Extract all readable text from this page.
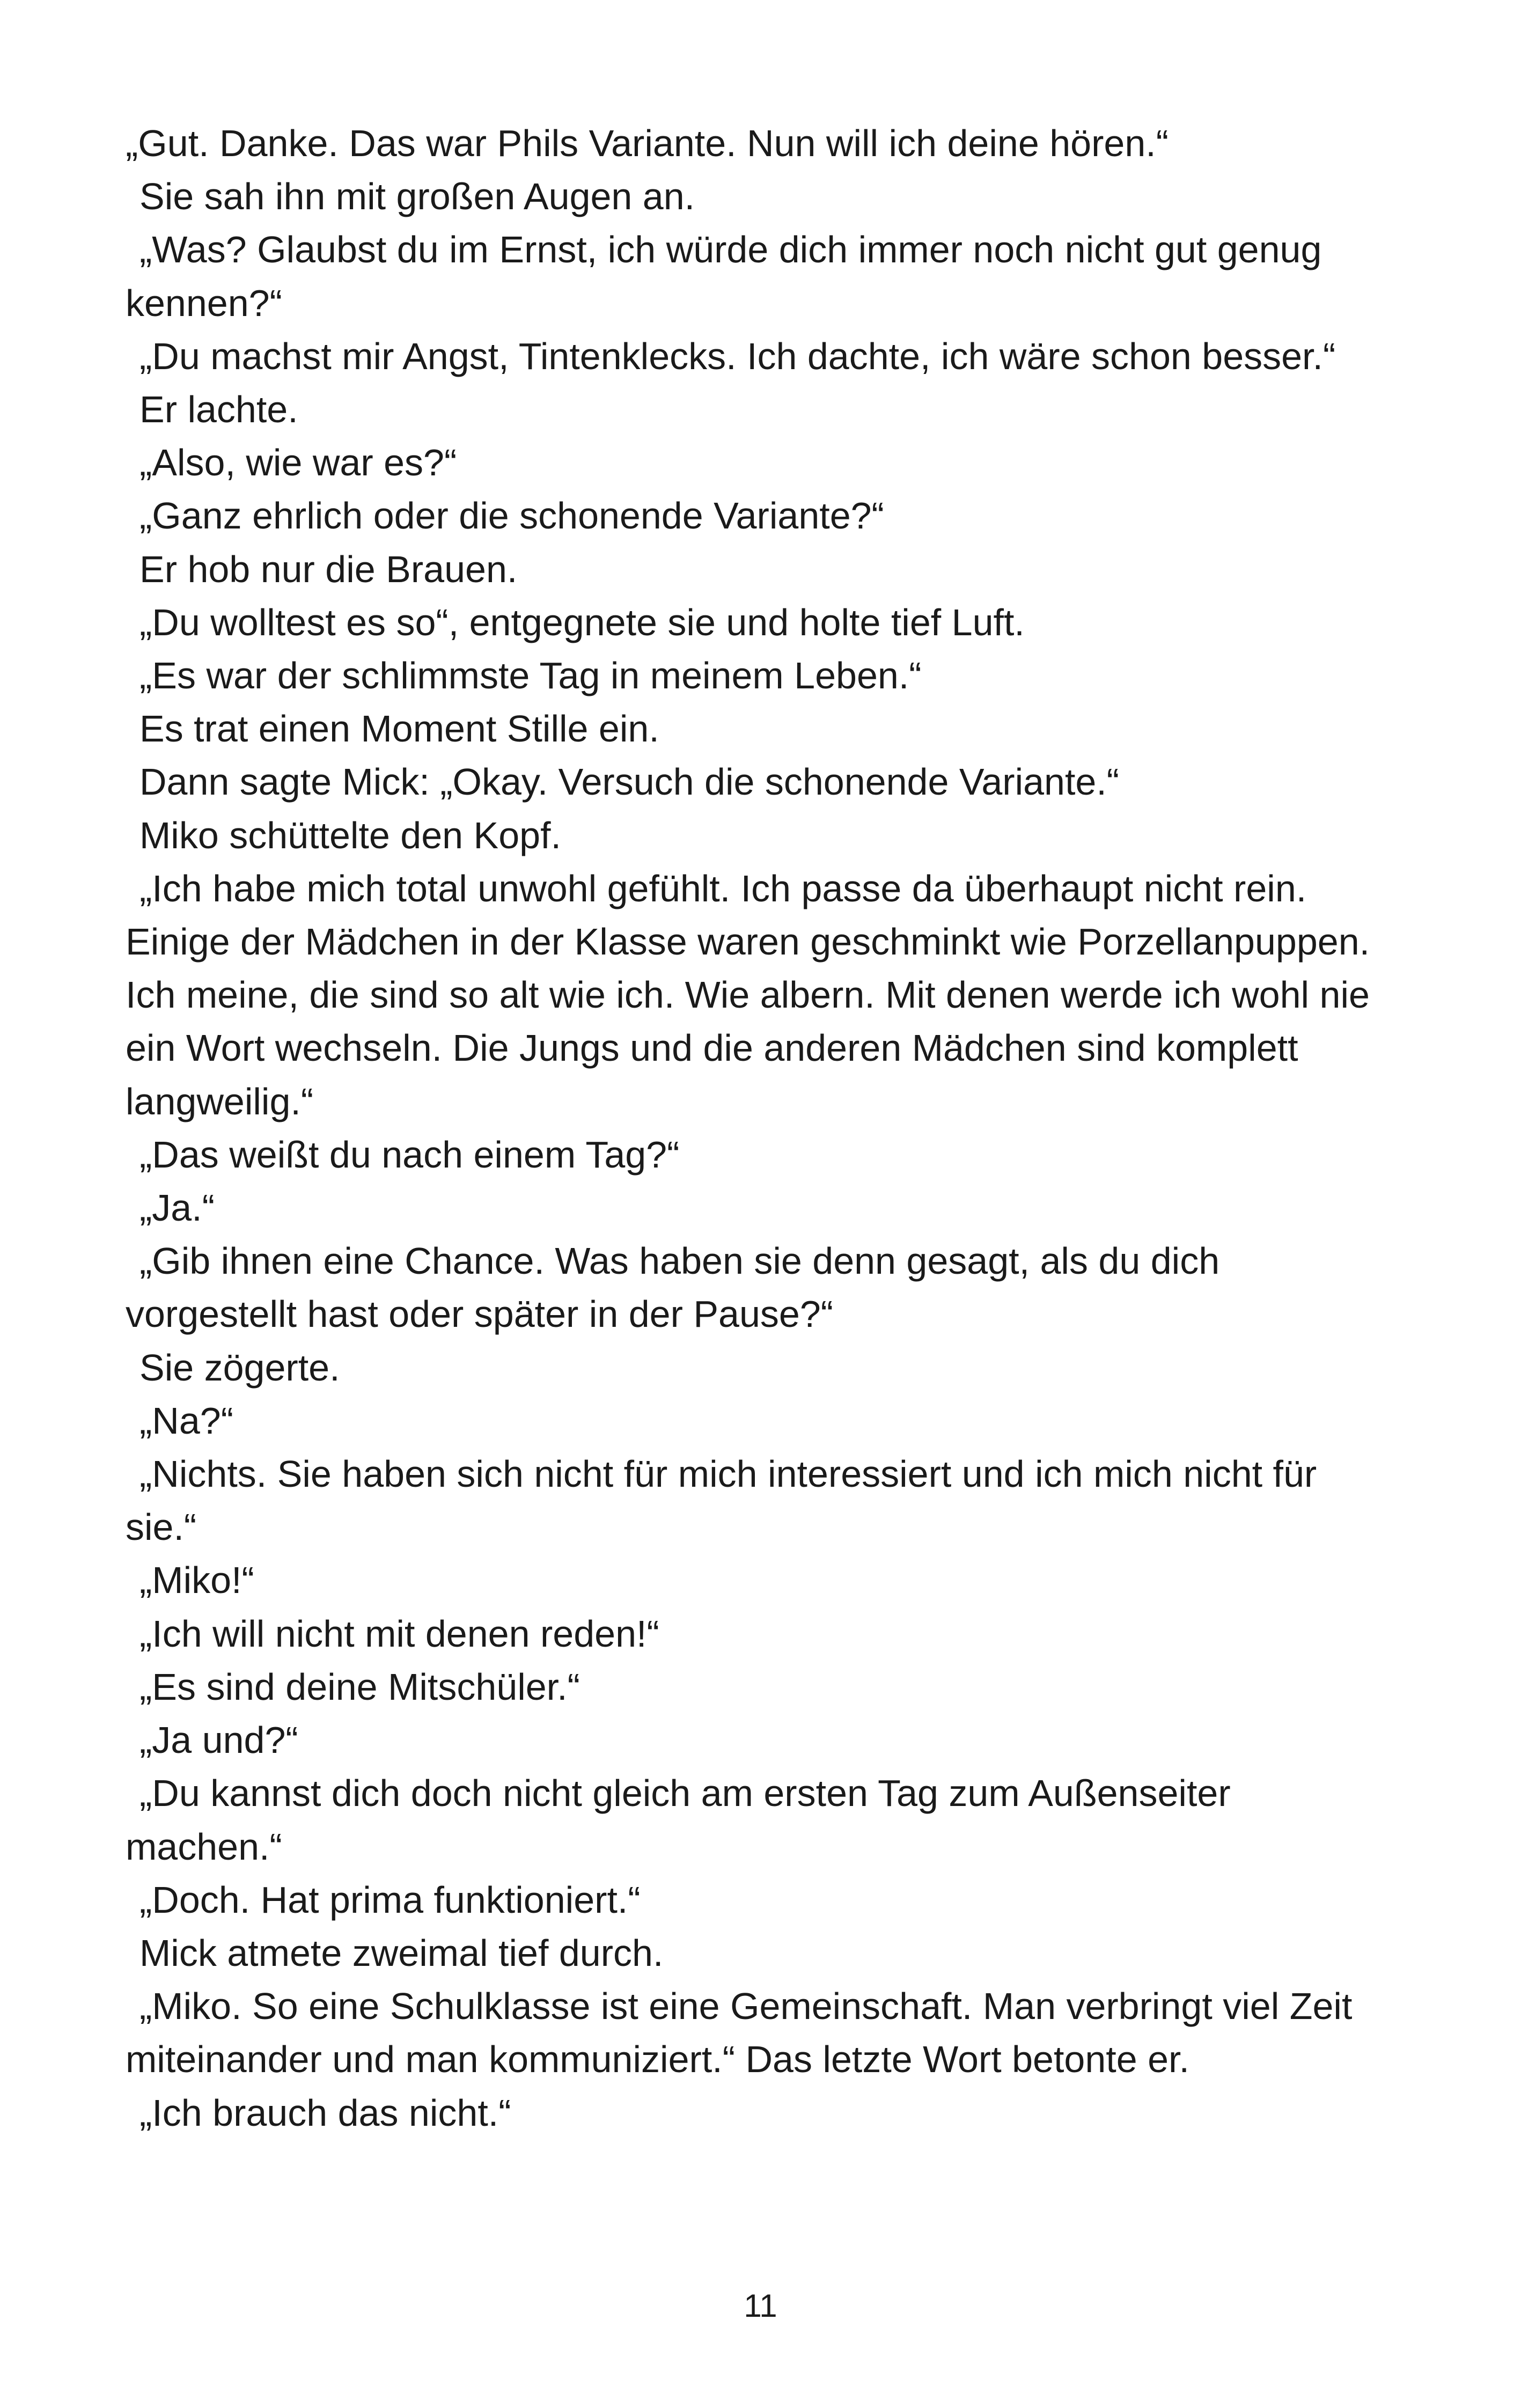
„Gut. Danke. Das war Phils Variante. Nun will ich deine hören.“

Sie sah ihn mit großen Augen an.

„Was? Glaubst du im Ernst, ich würde dich immer noch nicht gut genug kennen?“

„Du machst mir Angst, Tintenklecks. Ich dachte, ich wäre schon besser.“

Er lachte.

„Also, wie war es?“

„Ganz ehrlich oder die schonende Variante?“

Er hob nur die Brauen.

„Du wolltest es so“, entgegnete sie und holte tief Luft.

„Es war der schlimmste Tag in meinem Leben.“

Es trat einen Moment Stille ein.

Dann sagte Mick: „Okay. Versuch die schonende Variante.“

Miko schüttelte den Kopf.

„Ich habe mich total unwohl gefühlt. Ich passe da überhaupt nicht rein. Einige der Mädchen in der Klasse waren geschminkt wie Porzellanpuppen. Ich meine, die sind so alt wie ich. Wie albern. Mit denen werde ich wohl nie ein Wort wechseln. Die Jungs und die anderen Mädchen sind komplett langweilig.“

„Das weißt du nach einem Tag?“

„Ja.“

„Gib ihnen eine Chance. Was haben sie denn gesagt, als du dich vorgestellt hast oder später in der Pause?“

Sie zögerte.

„Na?“

„Nichts. Sie haben sich nicht für mich interessiert und ich mich nicht für sie.“

„Miko!“

„Ich will nicht mit denen reden!“

„Es sind deine Mitschüler.“

„Ja und?“

„Du kannst dich doch nicht gleich am ersten Tag zum Außenseiter machen.“

„Doch. Hat prima funktioniert.“

Mick atmete zweimal tief durch.

„Miko. So eine Schulklasse ist eine Gemeinschaft. Man verbringt viel Zeit miteinander und man kommuniziert.“ Das letzte Wort betonte er.

„Ich brauch das nicht.“

11
